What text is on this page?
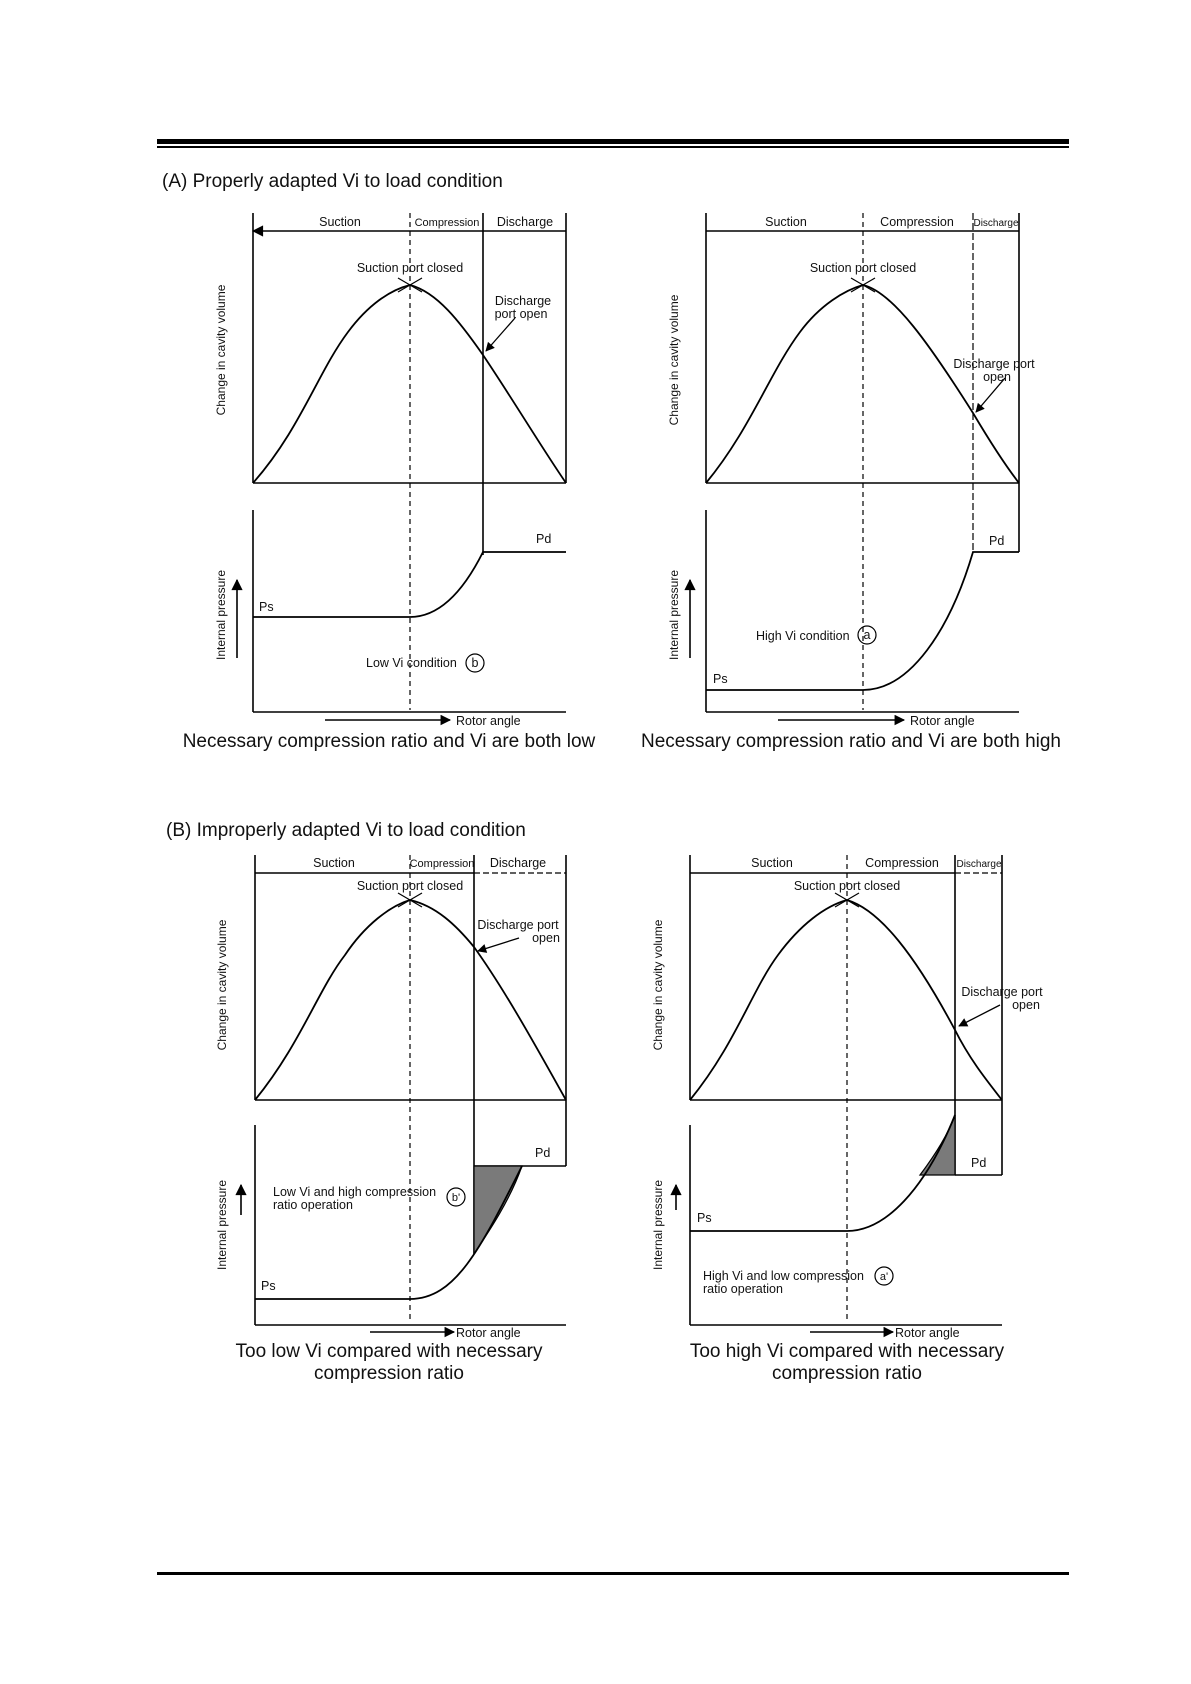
(A) Properly adapted Vi to load condition
(B) Improperly adapted Vi to load condition
Suction	Compression Discharge
Suction port closed
Discharge
port open
Change in cavity volume
Internal pressure Ps
Pd
Low Vi condition b
Rotor angle
Necessary compression ratio and Vi are both low
Suction	Compression Discharge
Suction port closed
Discharge port
open
Change in cavity volume
Internal pressure
Ps
Pd
High Vi condition a
Rotor angle
Necessary compression ratio and Vi are both high
Suction	Compression Discharge
Suction port closed
Discharge port
open
Change in cavity volume
Internal pressure
Ps
Pd
Low Vi and high compression
ratio operation	b'
Rotor angle
Too low Vi compared with necessary
compression ratio
Suction	Compression Discharge
Suction port closed
Discharge port
open
Change in cavity volume
Internal pressure	Ps
Pd
High Vi and low compression
ratio operation
a'
Rotor angle
Too high Vi compared with necessary
compression ratio
